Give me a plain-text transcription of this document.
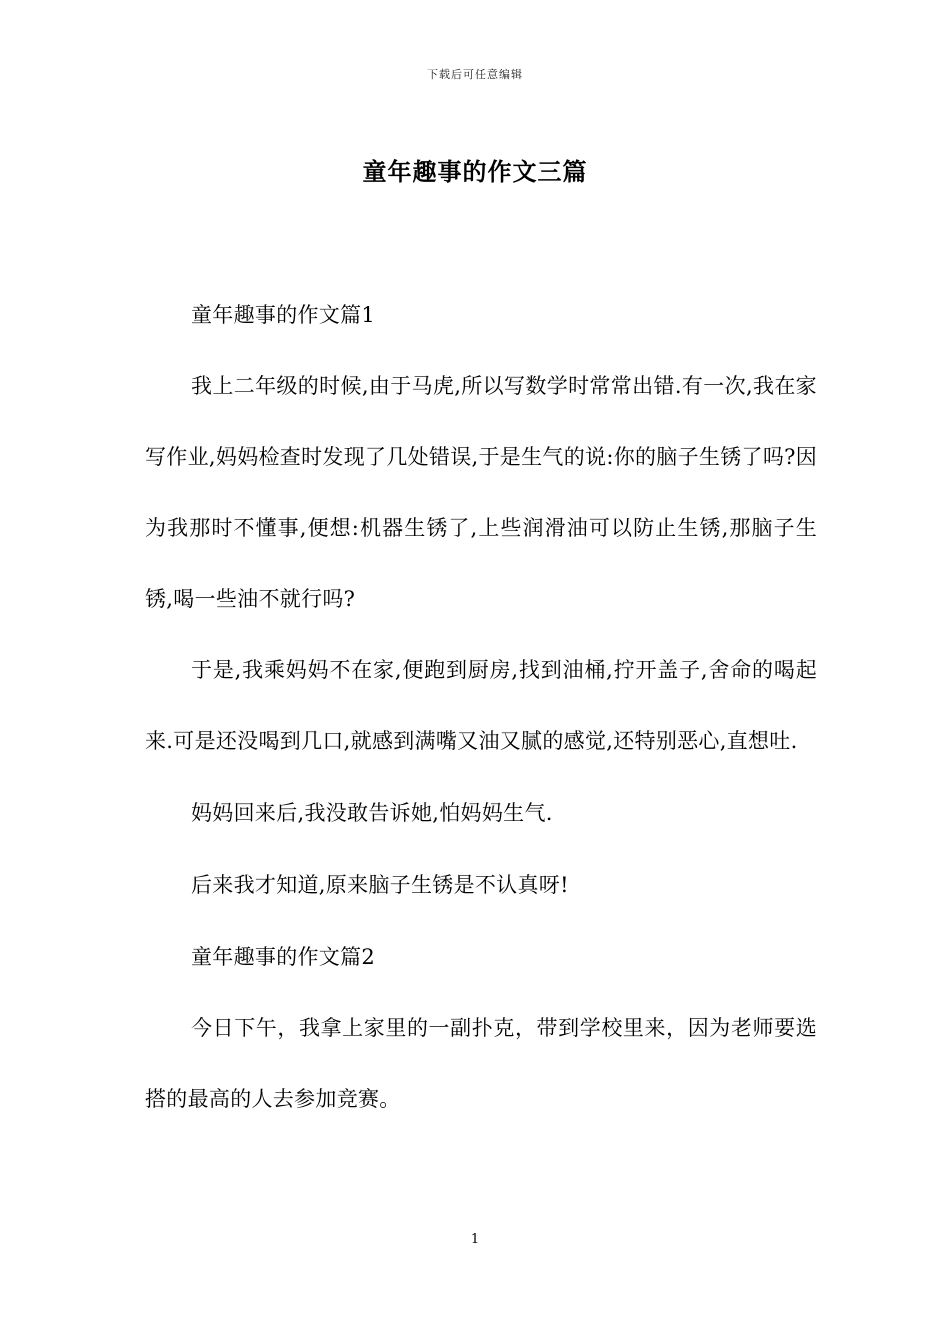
下载后可任意编辑
童年趣事的作文三篇

童年趣事的作文篇1

我上二年级的时候,由于马虎,所以写数学时常常出错.有一次,我在家写作业,妈妈检查时发现了几处错误,于是生气的说:你的脑子生锈了吗?因为我那时不懂事,便想:机器生锈了,上些润滑油可以防止生锈,那脑子生锈,喝一些油不就行吗?

于是,我乘妈妈不在家,便跑到厨房,找到油桶,拧开盖子,舍命的喝起来.可是还没喝到几口,就感到满嘴又油又腻的感觉,还特别恶心,直想吐.

妈妈回来后,我没敢告诉她,怕妈妈生气.

后来我才知道,原来脑子生锈是不认真呀!

童年趣事的作文篇2

今日下午，我拿上家里的一副扑克，带到学校里来，因为老师要选搭的最高的人去参加竞赛。

1
